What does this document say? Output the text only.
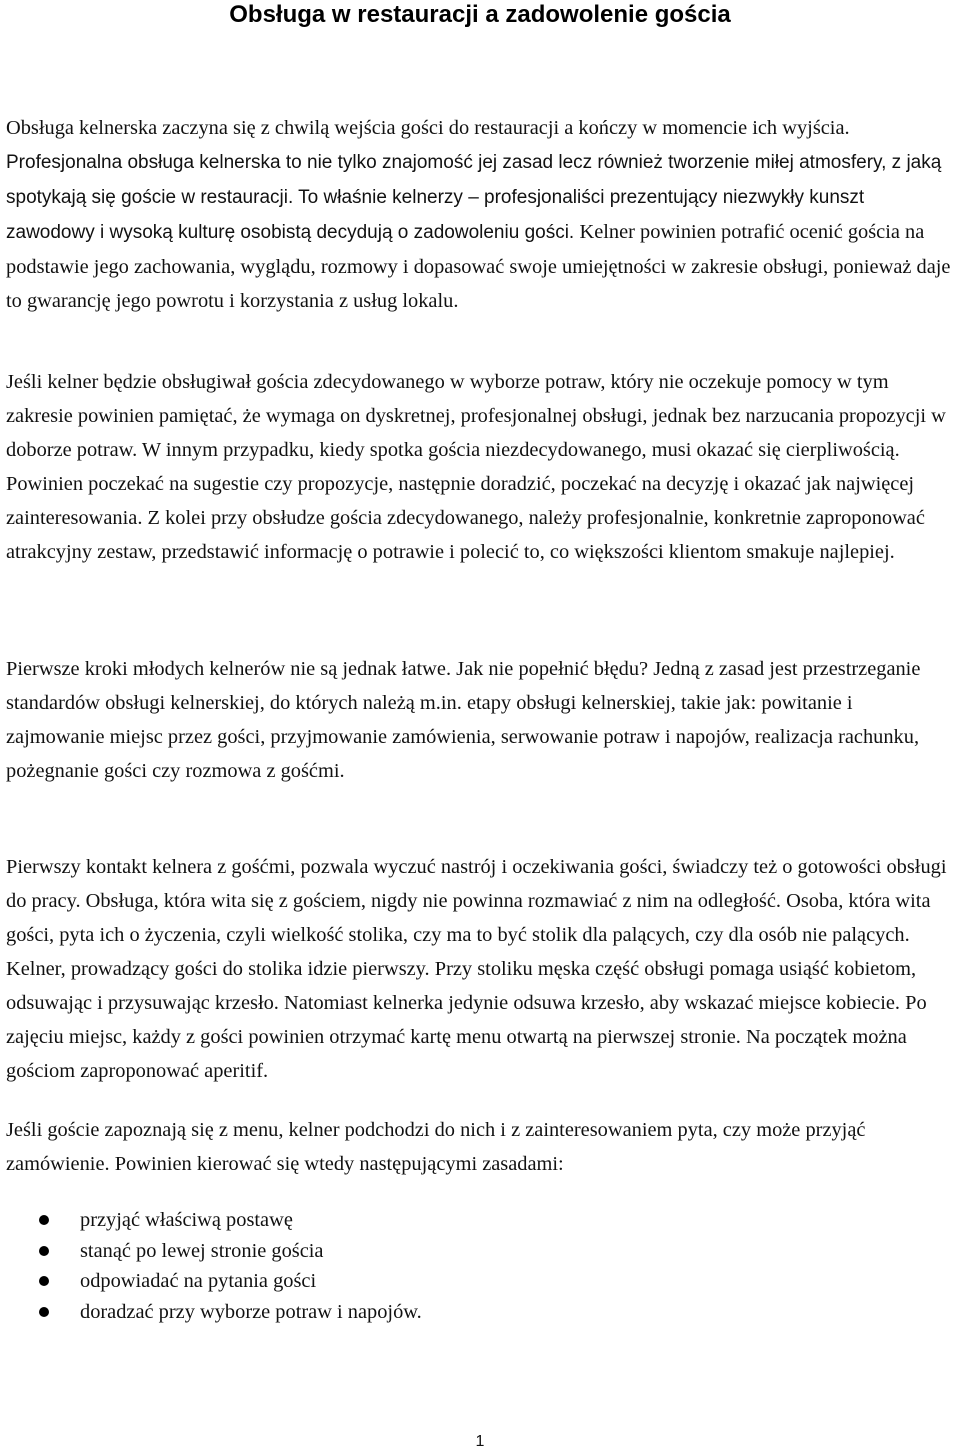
Obsługa w restauracji a zadowolenie gościa

Obsługa kelnerska zaczyna się z chwilą wejścia gości do restauracji a kończy w momencie ich wyjścia. Profesjonalna obsługa kelnerska to nie tylko znajomość jej zasad lecz również tworzenie miłej atmosfery, z jaką spotykają się goście w restauracji. To właśnie kelnerzy – profesjonaliści prezentujący niezwykły kunszt zawodowy i wysoką kulturę osobistą decydują o zadowoleniu gości. Kelner powinien potrafić ocenić gościa na podstawie jego zachowania, wyglądu, rozmowy i dopasować swoje umiejętności w zakresie obsługi, ponieważ daje to gwarancję jego powrotu i korzystania z usług lokalu.

Jeśli kelner będzie obsługiwał gościa zdecydowanego w wyborze potraw, który nie oczekuje pomocy w tym zakresie powinien pamiętać, że wymaga on dyskretnej, profesjonalnej obsługi, jednak bez narzucania propozycji w doborze potraw. W innym przypadku, kiedy spotka gościa niezdecydowanego, musi okazać się cierpliwością. Powinien poczekać na sugestie czy propozycje, następnie doradzić, poczekać na decyzję i okazać jak najwięcej zainteresowania. Z kolei przy obsłudze gościa zdecydowanego, należy profesjonalnie, konkretnie zaproponować atrakcyjny zestaw, przedstawić informację o potrawie i polecić to, co większości klientom smakuje najlepiej.

Pierwsze kroki młodych kelnerów nie są jednak łatwe. Jak nie popełnić błędu? Jedną z zasad jest przestrzeganie standardów obsługi kelnerskiej, do których należą m.in. etapy obsługi kelnerskiej, takie jak: powitanie i zajmowanie miejsc przez gości, przyjmowanie zamówienia, serwowanie potraw i napojów, realizacja rachunku, pożegnanie gości czy rozmowa z gośćmi.

Pierwszy kontakt kelnera z gośćmi, pozwala wyczuć nastrój i oczekiwania gości, świadczy też o gotowości obsługi do pracy. Obsługa, która wita się z gościem, nigdy nie powinna rozmawiać z nim na odległość. Osoba, która wita gości, pyta ich o życzenia, czyli wielkość stolika, czy ma to być stolik dla palących, czy dla osób nie palących. Kelner, prowadzący gości do stolika idzie pierwszy. Przy stoliku męska część obsługi pomaga usiąść kobietom, odsuwając i przysuwając krzesło. Natomiast kelnerka jedynie odsuwa krzesło, aby wskazać miejsce kobiecie. Po zajęciu miejsc, każdy z gości powinien otrzymać kartę menu otwartą na pierwszej stronie. Na początek można gościom zaproponować aperitif.

Jeśli goście zapoznają się z menu, kelner podchodzi do nich i z zainteresowaniem pyta, czy może przyjąć zamówienie. Powinien kierować się wtedy następującymi zasadami:

przyjąć właściwą postawę
stanąć po lewej stronie gościa
odpowiadać na pytania gości
doradzać przy wyborze potraw i napojów.
1
